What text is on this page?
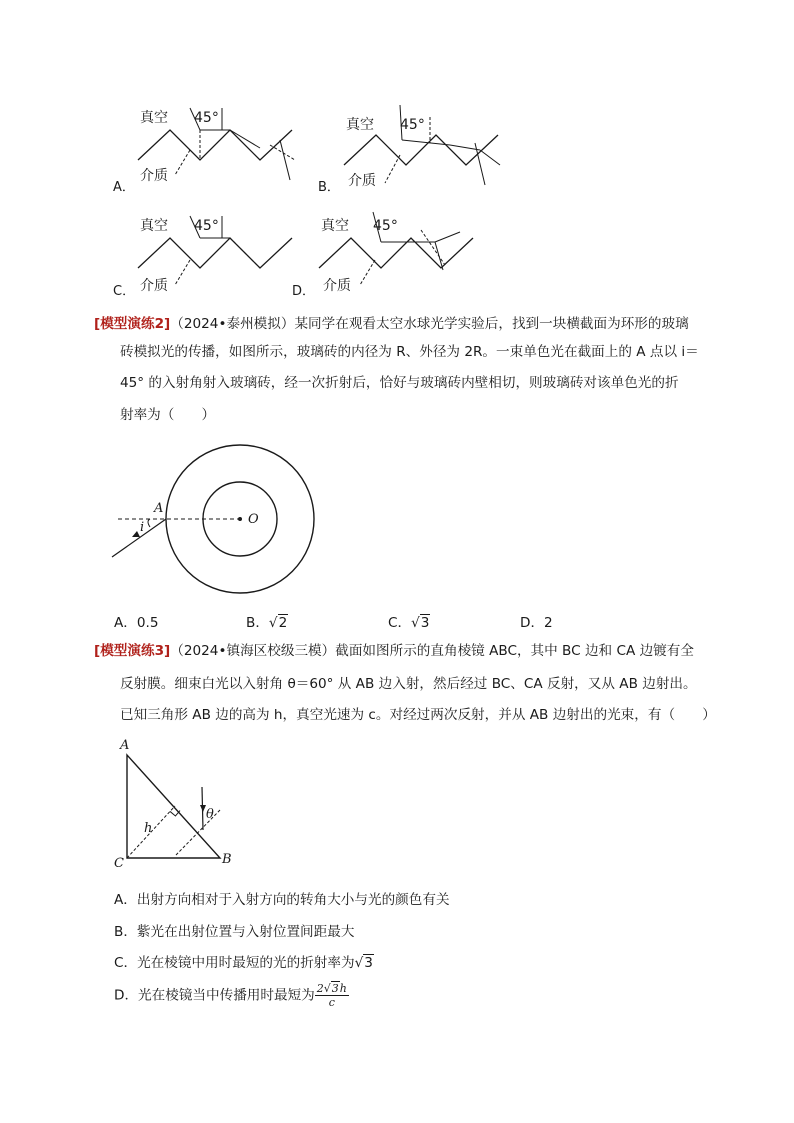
真空 45°
介质
A．
真空 45°
介质
B．
真空 45°
介质
C．
真空 45°
介质
D．
[模型演练2]（2024•泰州模拟）某同学在观看太空水球光学实验后，找到一块横截面为环形的玻璃
砖模拟光的传播，如图所示，玻璃砖的内径为 R、外径为 2R。一束单色光在截面上的 A 点以 i＝
45° 的入射角射入玻璃砖，经一次折射后，恰好与玻璃砖内壁相切，则玻璃砖对该单色光的折
射率为（　　）
A
i
O
A．0.5	B．√2	C．√3	D．2
[模型演练3]（2024•镇海区校级三模）截面如图所示的直角棱镜 ABC，其中 BC 边和 CA 边镀有全
反射膜。细束白光以入射角 θ＝60° 从 AB 边入射，然后经过 BC、CA 反射，又从 AB 边射出。
已知三角形 AB 边的高为 h，真空光速为 c。对经过两次反射，并从 AB 边射出的光束，有（　　）
A
B
C
h
θ
A．出射方向相对于入射方向的转角大小与光的颜色有关
B．紫光在出射位置与入射位置间距最大
C．光在棱镜中用时最短的光的折射率为√3
D．光在棱镜当中传播用时最短为 $\frac{2√3h}{c}$
